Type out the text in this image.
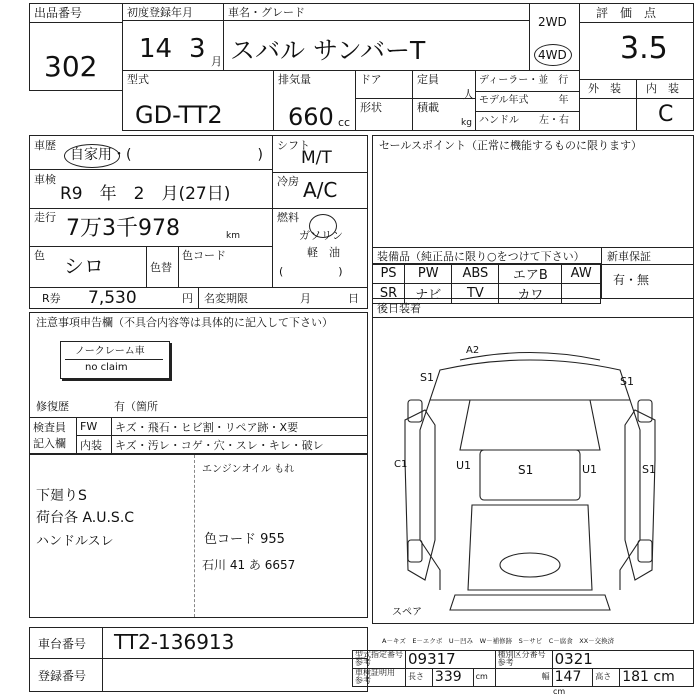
出品番号
302
初度登録年月
14 3 月
車名・グレード
スバル サンバーT
2WD
4WD
評　価　点
3.5
外　装 内　装
C
型式
GD-TT2
排気量
660 cc
ドア
形状
定員
人
積載
kg
ディーラー・並　行
モデル年式　　　年
ハンドル　　左・右
車歴
自家用・(　　　　　　　　　)
車検
R9　年　2　月(27日)
走行 7万3千978	km
色 シロ	色替
色コード
シフト
M/T
冷房 A/C
燃料
ガソリン
軽　油
(　　　　　)
セールスポイント（正常に機能するものに限ります）
装備品（純正品に限り○をつけて下さい） 新車保証
有・無
PS	PW	ABS	エアB	AW
SR	ナビ	TV	カワ	
R券 7,530	円 名変期限	月	日
注意事項申告欄（不具合内容等は具体的に記入して下さい）
ノークレーム車
no claim
修復歴	有（箇所
検査員
記入欄	FW	キズ・飛石・ヒビ割・リペア跡・X要
	内装	キズ・汚レ・コゲ・穴・スレ・キレ・破レ
エンジンオイル もれ
下廻りS
荷台各 A.U.S.C
ハンドルスレ	色コード 955
石川 41 あ 6657
後日装着
A2
S1	S1
C1	U1	S1	U1	S1
スペア
A－キズ　E－エクボ　U－凹み　W－補修跡　S－サビ　C－腐食　XX－交換済
車台番号 TT2-136913
登録番号
型式指定番号
参考	09317			種別区分番号
参考	0321		
車検証明用
参考	長さ	339	cm	幅	147	高さ	181 cm
cm
